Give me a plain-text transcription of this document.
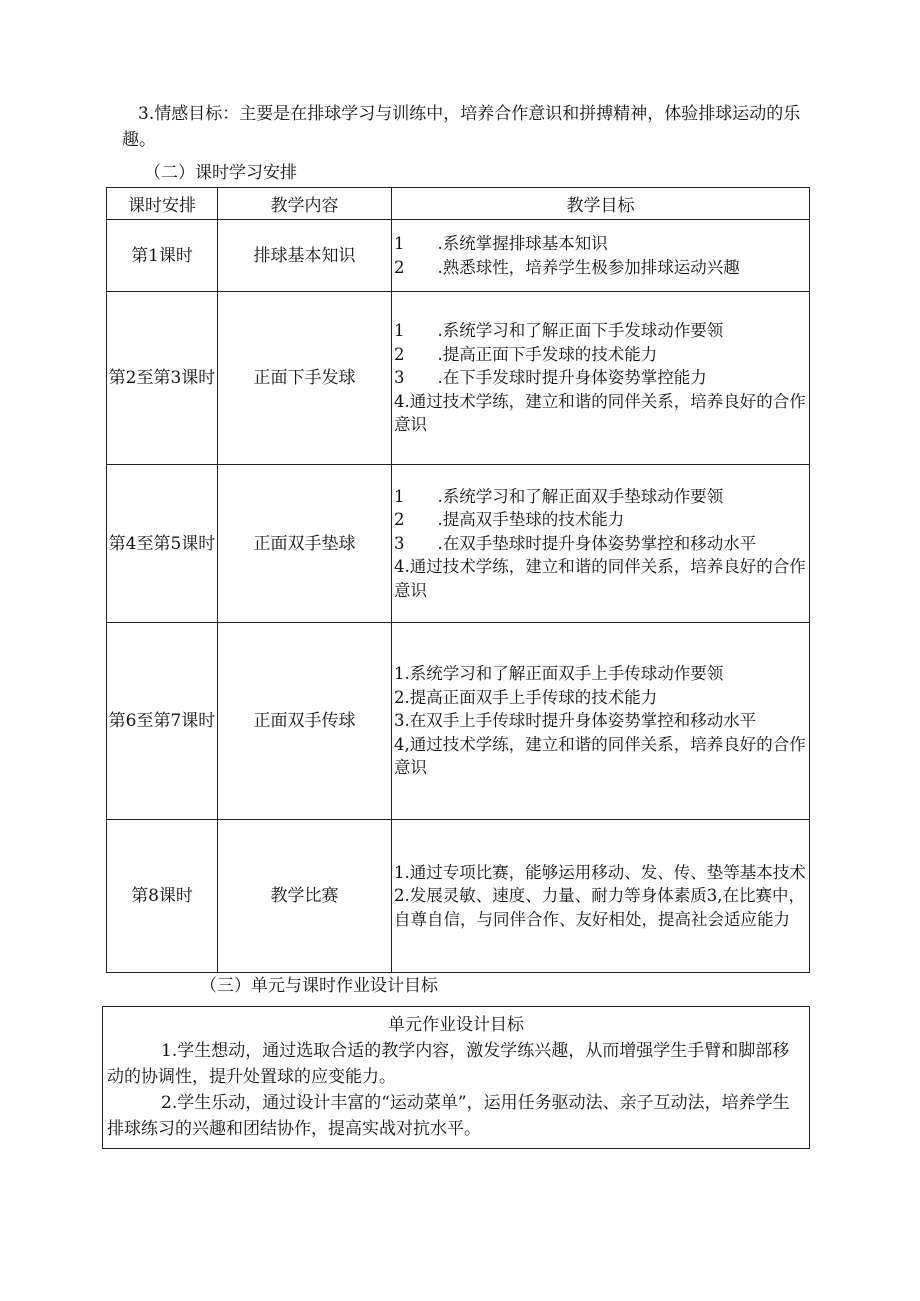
3.情感目标：主要是在排球学习与训练中，培养合作意识和拼搏精神，体验排球运动的乐趣。
（二）课时学习安排
课时安排	教学内容	教学目标
第1课时	排球基本知识	1　　.系统掌握排球基本知识
2　　.熟悉球性，培养学生极参加排球运动兴趣

第2至第3课时	正面下手发球	1　　.系统学习和了解正面下手发球动作要领
2　　.提高正面下手发球的技术能力
3　　.在下手发球时提升身体姿势掌控能力
4.通过技术学练，建立和谐的同伴关系，培养良好的合作意识

第4至第5课时	正面双手垫球	1　　.系统学习和了解正面双手垫球动作要领
2　　.提高双手垫球的技术能力
3　　.在双手垫球时提升身体姿势掌控和移动水平
4.通过技术学练，建立和谐的同伴关系，培养良好的合作意识

第6至第7课时	正面双手传球	1.系统学习和了解正面双手上手传球动作要领
2.提高正面双手上手传球的技术能力
3.在双手上手传球时提升身体姿势掌控和移动水平
4,通过技术学练，建立和谐的同伴关系，培养良好的合作意识

第8课时	教学比赛	1.通过专项比赛，能够运用移动、发、传、垫等基本技术
2.发展灵敏、速度、力量、耐力等身体素质3,在比赛中，自尊自信，与同伴合作、友好相处，提高社会适应能力
（三）单元与课时作业设计目标
单元作业设计目标
1.学生想动，通过选取合适的教学内容，激发学练兴趣，从而增强学生手臂和脚部移动的协调性，提升处置球的应变能力。
2.学生乐动，通过设计丰富的“运动菜单”，运用任务驱动法、亲子互动法，培养学生排球练习的兴趣和团结协作，提高实战对抗水平。
